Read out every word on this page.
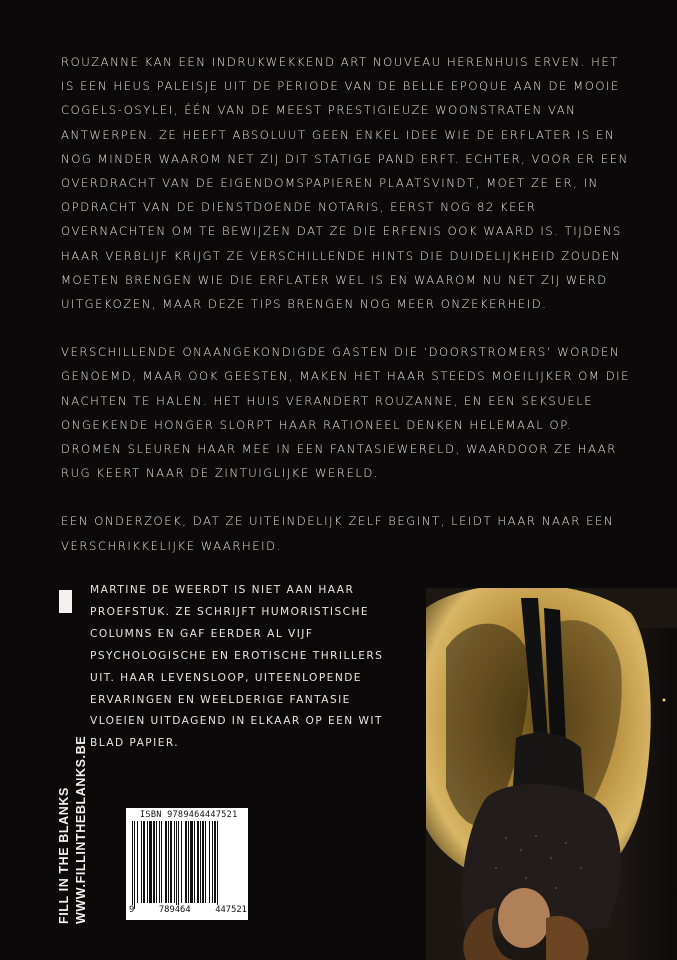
ROUZANNE KAN EEN INDRUKWEKKEND ART NOUVEAU HERENHUIS ERVEN. HET IS EEN HEUS PALEISJE UIT DE PERIODE VAN DE BELLE EPOQUE AAN DE MOOIE COGELS-OSYLEI, ÉÉN VAN DE MEEST PRESTIGIEUZE WOONSTRATEN VAN ANTWERPEN. ZE HEEFT ABSOLUUT GEEN ENKEL IDEE WIE DE ERFLATER IS EN NOG MINDER WAAROM NET ZIJ DIT STATIGE PAND ERFT. ECHTER, VOOR ER EEN OVERDRACHT VAN DE EIGENDOMSPAPIEREN PLAATSVINDT, MOET ZE ER, IN OPDRACHT VAN DE DIENSTDOENDE NOTARIS, EERST NOG 82 KEER OVERNACHTEN OM TE BEWIJZEN DAT ZE DIE ERFENIS OOK WAARD IS. TIJDENS HAAR VERBLIJF KRIJGT ZE VERSCHILLENDE HINTS DIE DUIDELIJKHEID ZOUDEN MOETEN BRENGEN WIE DIE ERFLATER WEL IS EN WAAROM NU NET ZIJ WERD UITGEKOZEN, MAAR DEZE TIPS BRENGEN NOG MEER ONZEKERHEID.

VERSCHILLENDE ONAANGEKONDIGDE GASTEN DIE ‘DOORSTROMERS’ WORDEN GENOEMD, MAAR OOK GEESTEN, MAKEN HET HAAR STEEDS MOEILIJKER OM DIE NACHTEN TE HALEN. HET HUIS VERANDERT ROUZANNE, EN EEN SEKSUELE ONGEKENDE HONGER SLORPT HAAR RATIONEEL DENKEN HELEMAAL OP. DROMEN SLEUREN HAAR MEE IN EEN FANTASIEWERELD, WAARDOOR ZE HAAR RUG KEERT NAAR DE ZINTUIGLIJKE WERELD.

EEN ONDERZOEK, DAT ZE UITEINDELIJK ZELF BEGINT, LEIDT HAAR NAAR EEN VERSCHRIKKELIJKE WAARHEID.

MARTINE DE WEERDT IS NIET AAN HAAR PROEFSTUK. ZE SCHRIJFT HUMORISTISCHE COLUMNS EN GAF EERDER AL VIJF PSYCHOLOGISCHE EN EROTISCHE THRILLERS UIT. HAAR LEVENSLOOP, UITEENLOPENDE ERVARINGEN EN WEELDERIGE FANTASIE VLOEIEN UITDAGEND IN ELKAAR OP EEN WIT BLAD PAPIER.
FILL IN THE BLANKS WWW.FILLINTHEBLANKS.BE	ISBN 9789464447521
9	789464	447521
